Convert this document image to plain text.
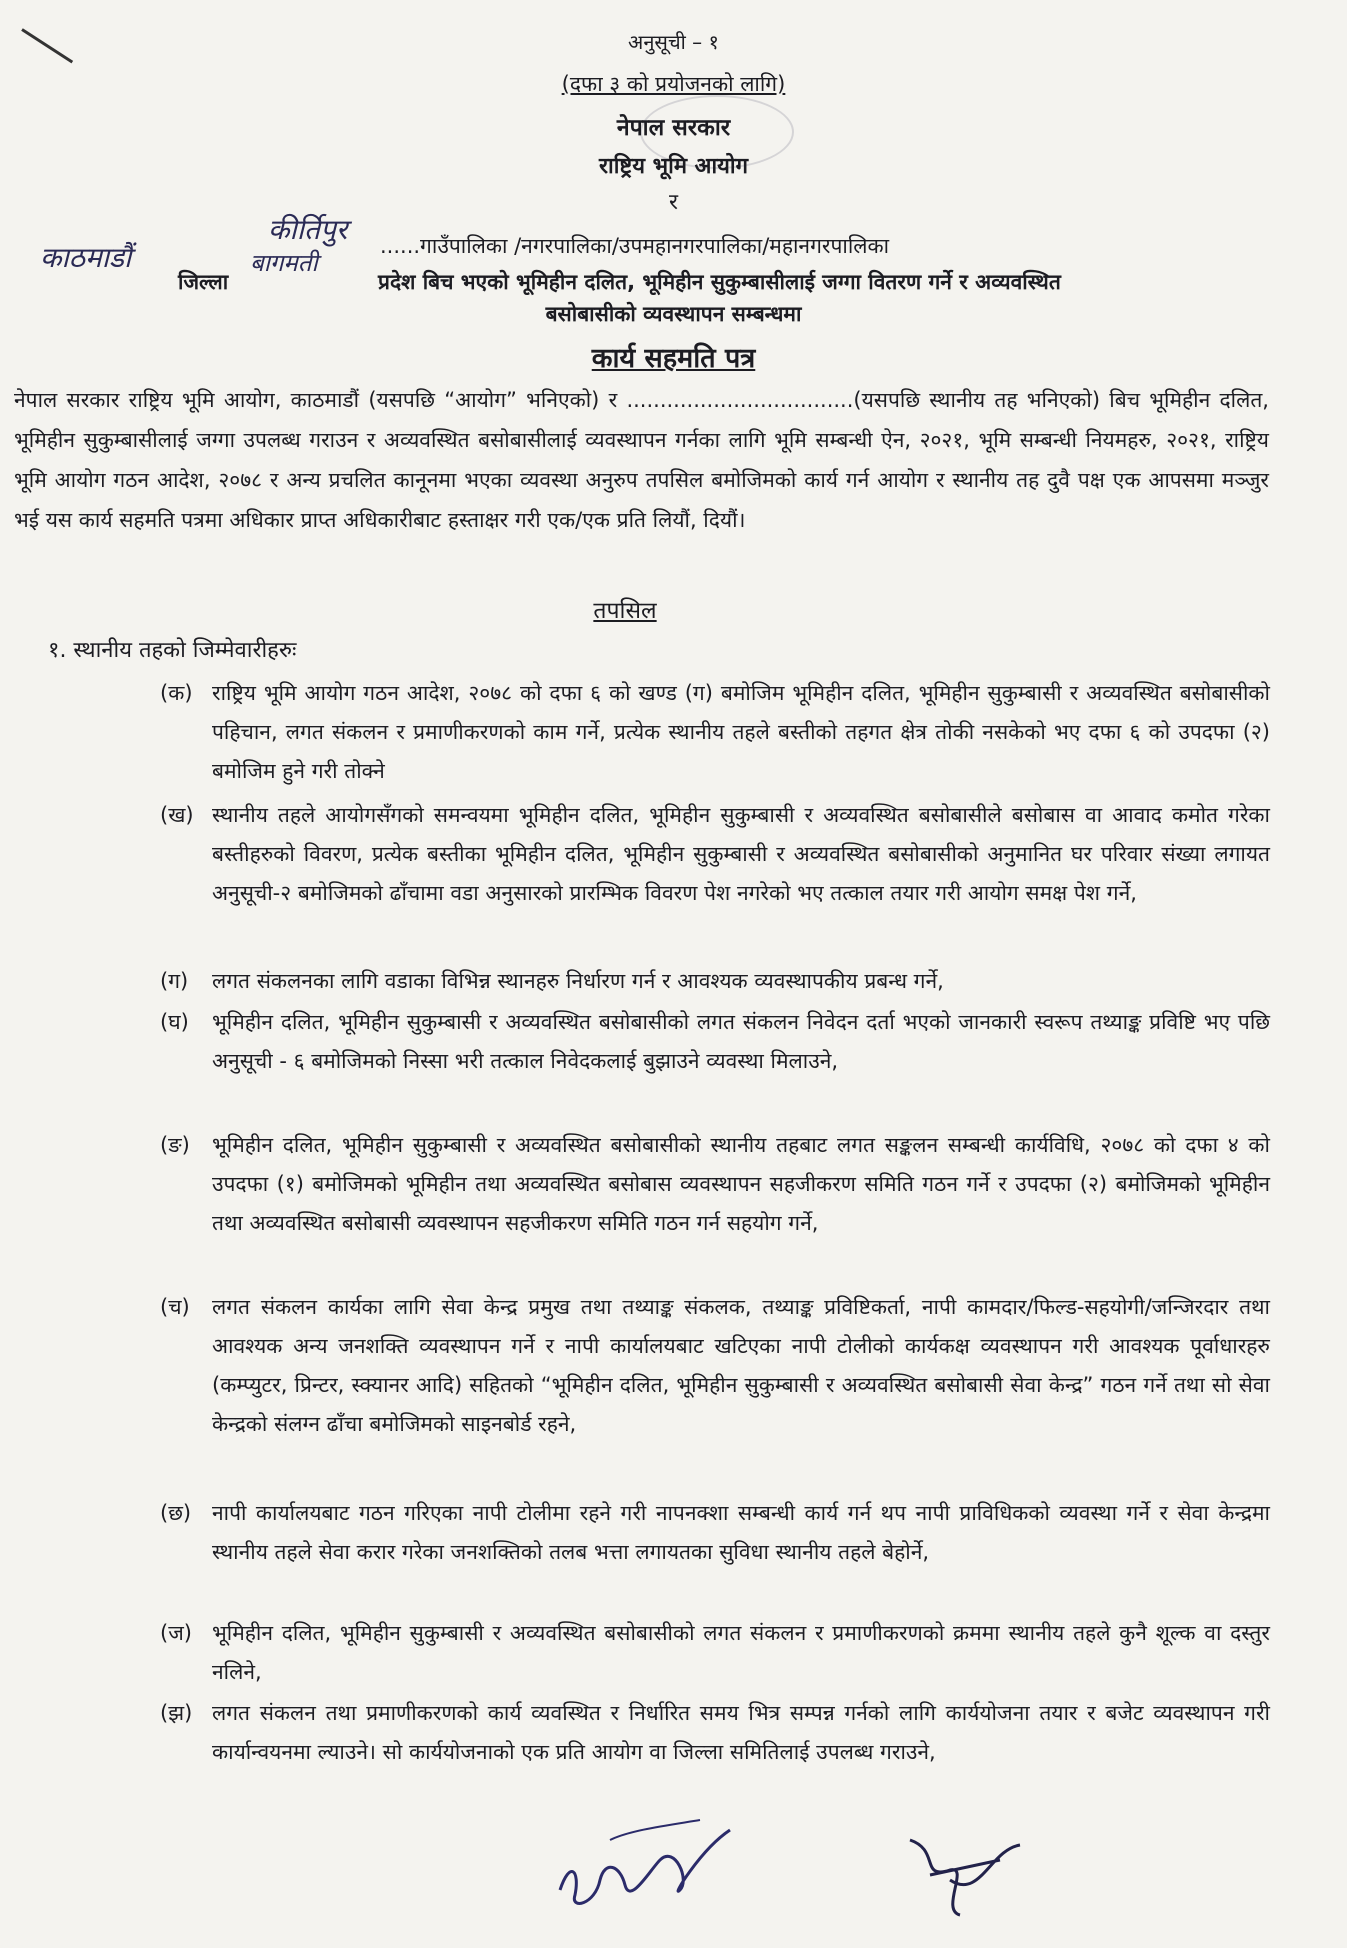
अनुसूची – १
(दफा ३ को प्रयोजनको लागि)
नेपाल सरकार
राष्ट्रिय भूमि आयोग
र
कीर्तिपुर ......गाउँपालिका /नगरपालिका/उपमहानगरपालिका/महानगरपालिका
काठमाडौं
जिल्ला
बागमती
प्रदेश बिच भएको भूमिहीन दलित, भूमिहीन सुकुम्बासीलाई जग्गा वितरण गर्ने र अव्यवस्थित
बसोबासीको व्यवस्थापन सम्बन्धमा
कार्य सहमति पत्र
नेपाल सरकार राष्ट्रिय भूमि आयोग, काठमाडौं (यसपछि “आयोग” भनिएको) र ..................................(यसपछि स्थानीय तह भनिएको) बिच भूमिहीन दलित, भूमिहीन सुकुम्बासीलाई जग्गा उपलब्ध गराउन र अव्यवस्थित बसोबासीलाई व्यवस्थापन गर्नका लागि भूमि सम्बन्धी ऐन, २०२१, भूमि सम्बन्धी नियमहरु, २०२१, राष्ट्रिय भूमि आयोग गठन आदेश, २०७८ र अन्य प्रचलित कानूनमा भएका व्यवस्था अनुरुप तपसिल बमोजिमको कार्य गर्न आयोग र स्थानीय तह दुवै पक्ष एक आपसमा मञ्जुर भई यस कार्य सहमति पत्रमा अधिकार प्राप्त अधिकारीबाट हस्ताक्षर गरी एक/एक प्रति लियौं, दियौं।
तपसिल
१. स्थानीय तहको जिम्मेवारीहरुः
(क) राष्ट्रिय भूमि आयोग गठन आदेश, २०७८ को दफा ६ को खण्ड (ग) बमोजिम भूमिहीन दलित, भूमिहीन सुकुम्बासी र अव्यवस्थित बसोबासीको पहिचान, लगत संकलन र प्रमाणीकरणको काम गर्ने, प्रत्येक स्थानीय तहले बस्तीको तहगत क्षेत्र तोकी नसकेको भए दफा ६ को उपदफा (२) बमोजिम हुने गरी तोक्ने
(ख) स्थानीय तहले आयोगसँगको समन्वयमा भूमिहीन दलित, भूमिहीन सुकुम्बासी र अव्यवस्थित बसोबासीले बसोबास वा आवाद कमोत गरेका बस्तीहरुको विवरण, प्रत्येक बस्तीका भूमिहीन दलित, भूमिहीन सुकुम्बासी र अव्यवस्थित बसोबासीको अनुमानित घर परिवार संख्या लगायत अनुसूची-२ बमोजिमको ढाँचामा वडा अनुसारको प्रारम्भिक विवरण पेश नगरेको भए तत्काल तयार गरी आयोग समक्ष पेश गर्ने,
(ग)	लगत संकलनका लागि वडाका विभिन्न स्थानहरु निर्धारण गर्न र आवश्यक व्यवस्थापकीय प्रबन्ध गर्ने,
(घ)	भूमिहीन दलित, भूमिहीन सुकुम्बासी र अव्यवस्थित बसोबासीको लगत संकलन निवेदन दर्ता भएको जानकारी स्वरूप तथ्याङ्क प्रविष्टि भए पछि अनुसूची - ६ बमोजिमको निस्सा भरी तत्काल निवेदकलाई बुझाउने व्यवस्था मिलाउने,
(ङ)	भूमिहीन दलित, भूमिहीन सुकुम्बासी र अव्यवस्थित बसोबासीको स्थानीय तहबाट लगत सङ्कलन सम्बन्धी कार्यविधि, २०७८ को दफा ४ को उपदफा (१) बमोजिमको भूमिहीन तथा अव्यवस्थित बसोबास व्यवस्थापन सहजीकरण समिति गठन गर्ने र उपदफा (२) बमोजिमको भूमिहीन तथा अव्यवस्थित बसोबासी व्यवस्थापन सहजीकरण समिति गठन गर्न सहयोग गर्ने,
(च)	लगत संकलन कार्यका लागि सेवा केन्द्र प्रमुख तथा तथ्याङ्क संकलक, तथ्याङ्क प्रविष्टिकर्ता, नापी कामदार/फिल्ड-सहयोगी/जन्जिरदार तथा आवश्यक अन्य जनशक्ति व्यवस्थापन गर्ने र नापी कार्यालयबाट खटिएका नापी टोलीको कार्यकक्ष व्यवस्थापन गरी आवश्यक पूर्वाधारहरु (कम्प्युटर, प्रिन्टर, स्क्यानर आदि) सहितको “भूमिहीन दलित, भूमिहीन सुकुम्बासी र अव्यवस्थित बसोबासी सेवा केन्द्र” गठन गर्ने तथा सो सेवा केन्द्रको संलग्न ढाँचा बमोजिमको साइनबोर्ड रहने,
(छ) नापी कार्यालयबाट गठन गरिएका नापी टोलीमा रहने गरी नापनक्शा सम्बन्धी कार्य गर्न थप नापी प्राविधिकको व्यवस्था गर्ने र सेवा केन्द्रमा स्थानीय तहले सेवा करार गरेका जनशक्तिको तलब भत्ता लगायतका सुविधा स्थानीय तहले बेहोर्ने,
(ज) भूमिहीन दलित, भूमिहीन सुकुम्बासी र अव्यवस्थित बसोबासीको लगत संकलन र प्रमाणीकरणको क्रममा स्थानीय तहले कुनै शूल्क वा दस्तुर नलिने,
(झ) लगत संकलन तथा प्रमाणीकरणको कार्य व्यवस्थित र निर्धारित समय भित्र सम्पन्न गर्नको लागि कार्ययोजना तयार र बजेट व्यवस्थापन गरी कार्यान्वयनमा ल्याउने। सो कार्ययोजनाको एक प्रति आयोग वा जिल्ला समितिलाई उपलब्ध गराउने,
